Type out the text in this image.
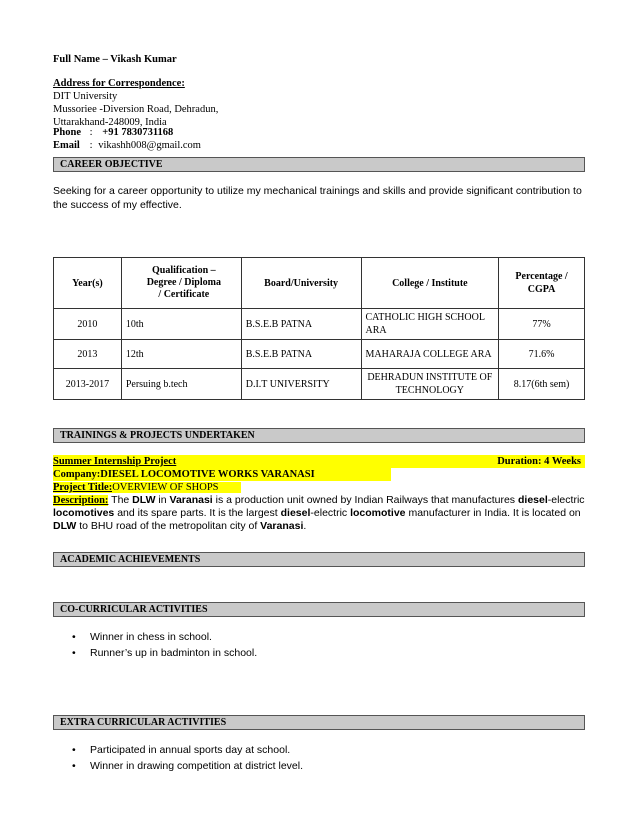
Full Name – Vikash Kumar
Address for Correspondence:
DIT University
Mussoriee -Diversion Road, Dehradun,
Uttarakhand-248009, India
Phone : +91 7830731168
Email : vikashh008@gmail.com
CAREER OBJECTIVE
Seeking for a career opportunity to utilize my mechanical trainings and skills and provide significant contribution to the success of my effective.
Year(s)	Qualification – Degree / Diploma / Certificate	Board/University	College / Institute	Percentage / CGPA

2010	10th	B.S.E.B PATNA	CATHOLIC HIGH SCHOOL ARA	77%
2013	12th	B.S.E.B PATNA	MAHARAJA COLLEGE ARA	71.6%
2013-2017	Persuing b.tech	D.I.T UNIVERSITY	DEHRADUN INSTITUTE OF TECHNOLOGY	8.17(6th sem)
TRAININGS & PROJECTS UNDERTAKEN
Summer Internship Project	Duration: 4 Weeks
Company:DIESEL LOCOMOTIVE WORKS VARANASI
Project Title:OVERVIEW OF SHOPS
Description: The DLW in Varanasi is a production unit owned by Indian Railways that manufactures diesel-electric locomotives and its spare parts. It is the largest diesel-electric locomotive manufacturer in India. It is located on DLW to BHU road of the metropolitan city of Varanasi.
ACADEMIC ACHIEVEMENTS
CO-CURRICULAR ACTIVITIES
• Winner in chess in school.
• Runner’s up in badminton in school.
EXTRA CURRICULAR ACTIVITIES
• Participated in annual sports day at school.
• Winner in drawing competition at district level.
